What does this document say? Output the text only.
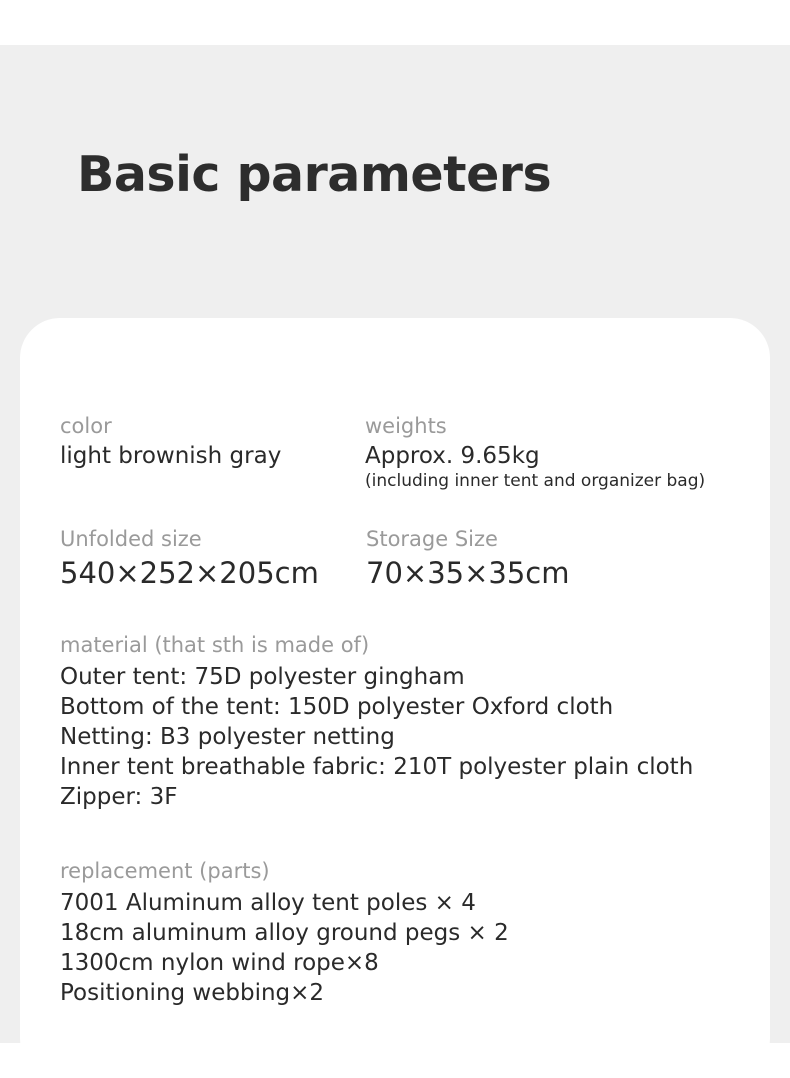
Basic parameters
color
light brownish gray
weights
Approx. 9.65kg
(including inner tent and organizer bag)
Unfolded size
540×252×205cm
Storage Size
70×35×35cm
material (that sth is made of)
Outer tent: 75D polyester gingham
Bottom of the tent: 150D polyester Oxford cloth
Netting: B3 polyester netting
Inner tent breathable fabric: 210T polyester plain cloth
Zipper: 3F
replacement (parts)
7001 Aluminum alloy tent poles × 4
18cm aluminum alloy ground pegs × 2
1300cm nylon wind rope×8
Positioning webbing×2
